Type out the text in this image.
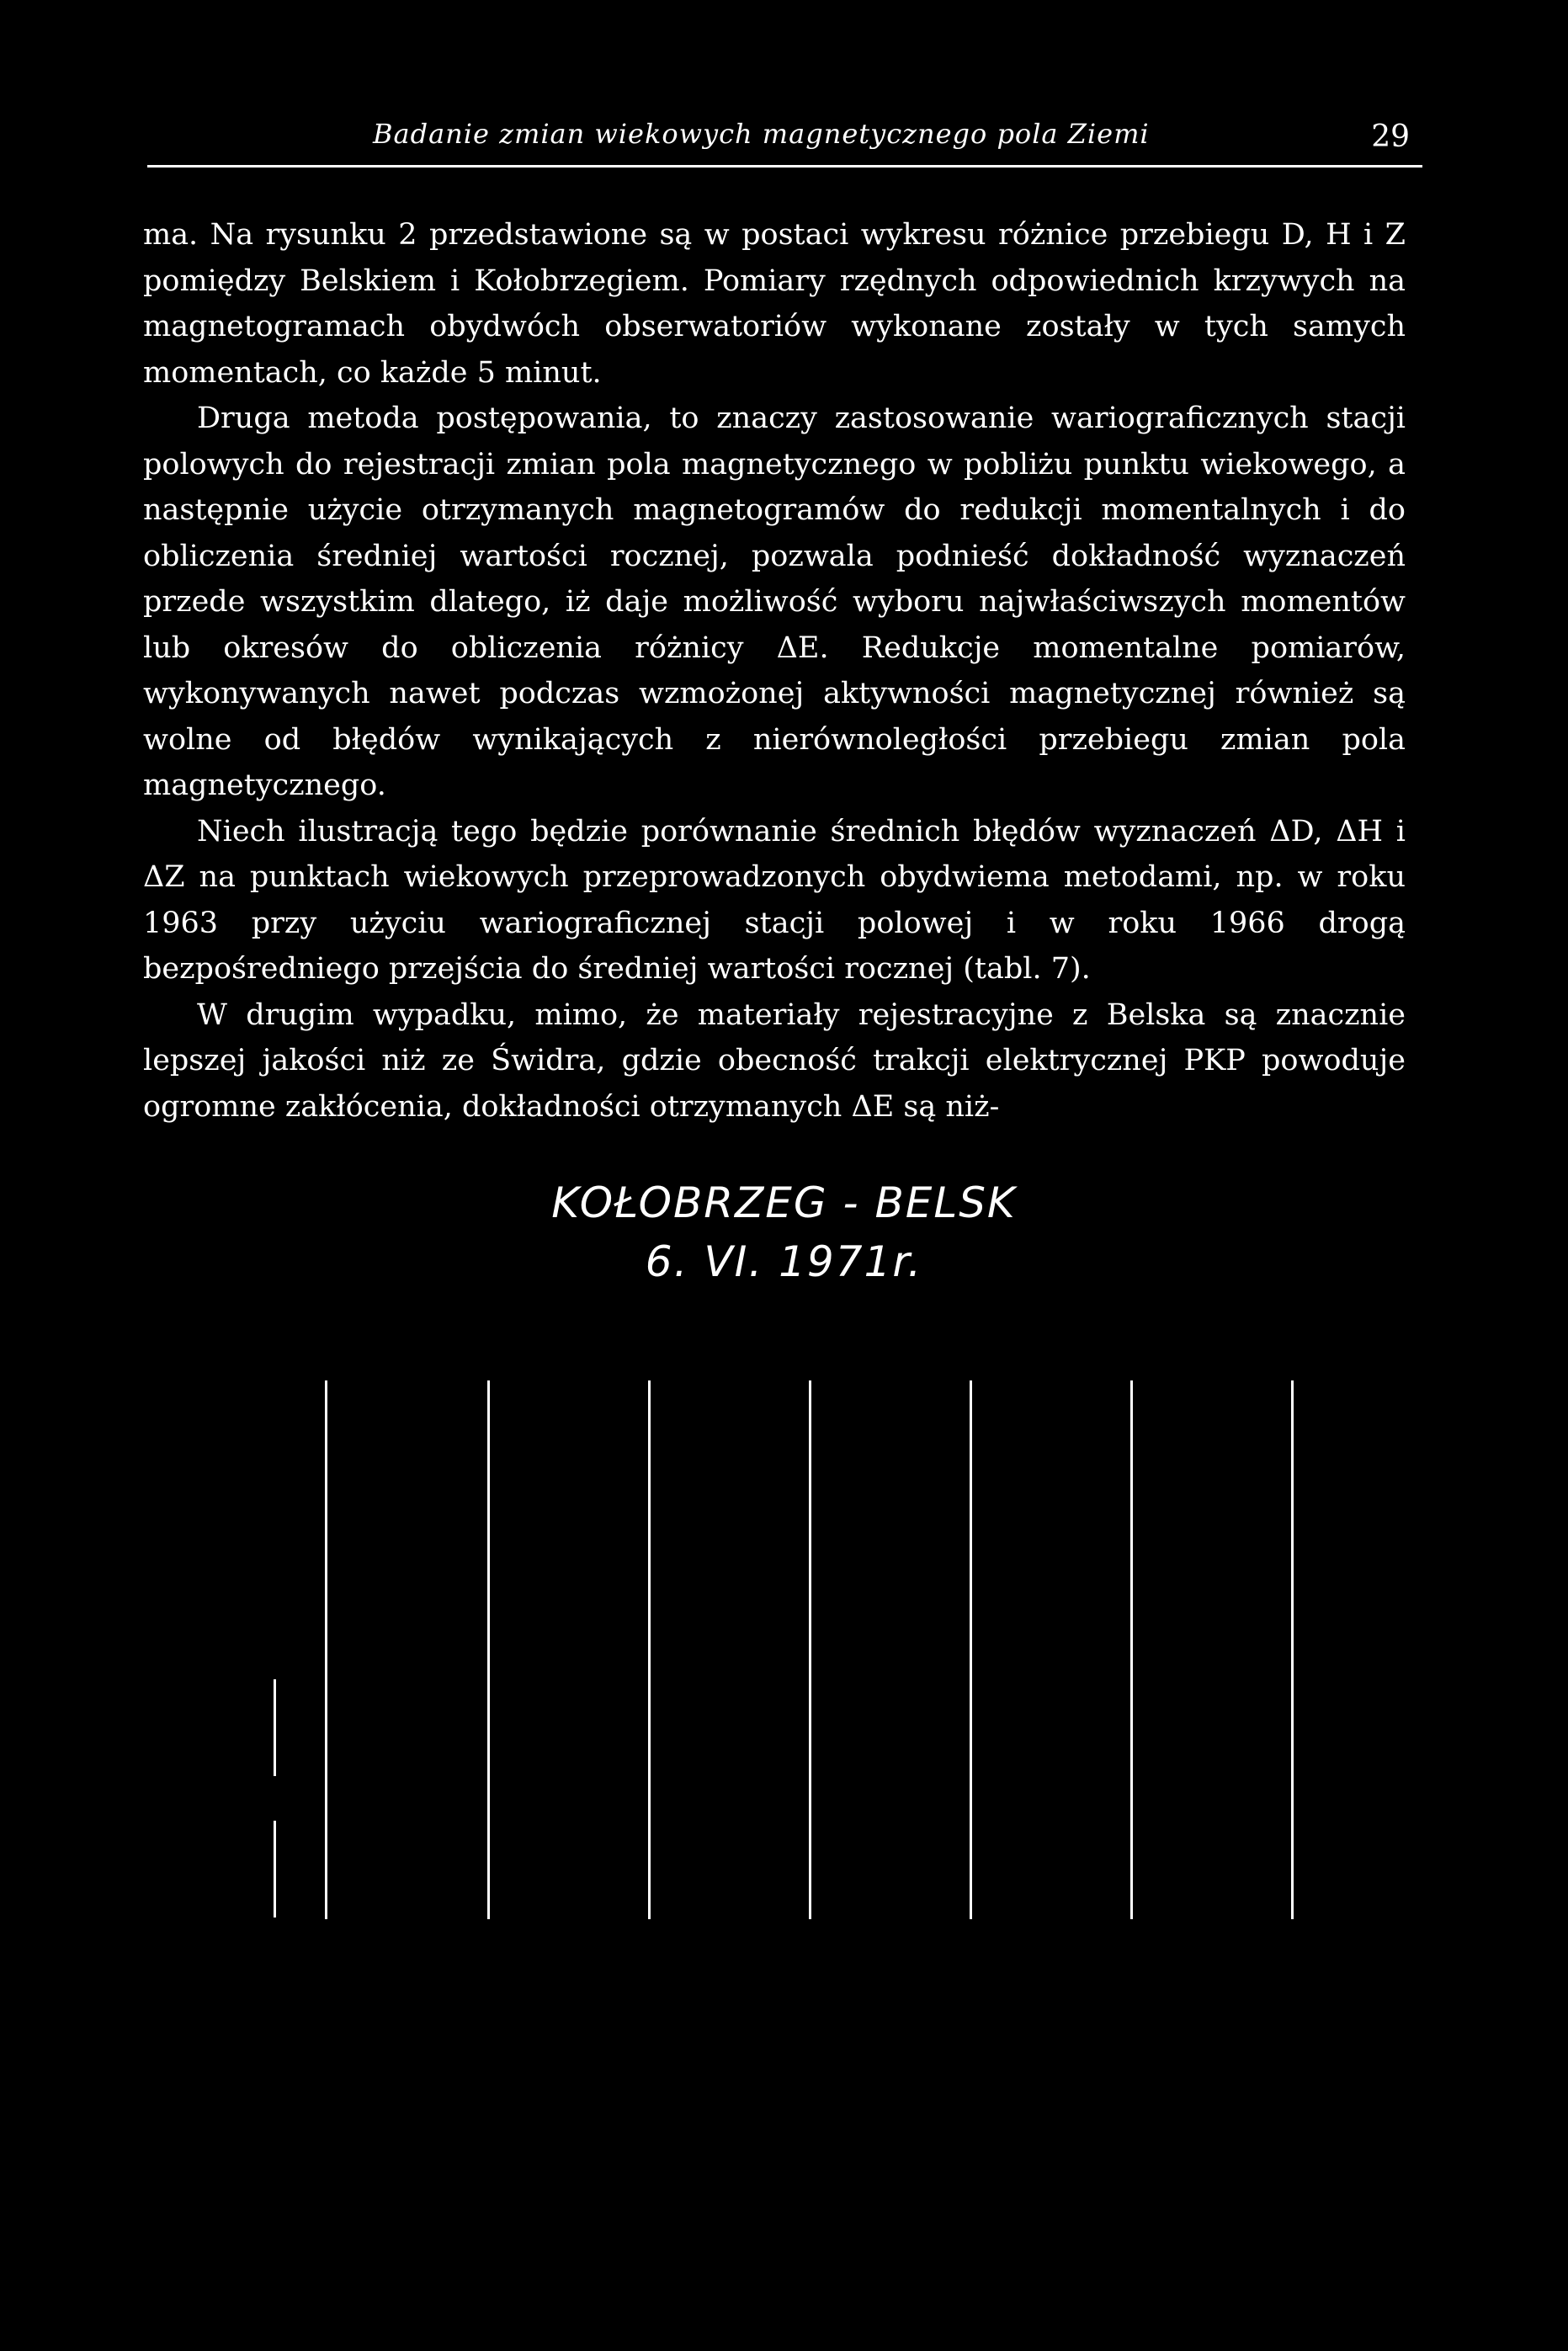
Badanie zmian wiekowych magnetycznego pola Ziemi	29

ma. Na rysunku 2 przedstawione są w postaci wykresu różnice przebiegu D, H i Z pomiędzy Belskiem i Kołobrzegiem. Pomiary rzędnych odpowiednich krzywych na magnetogramach obydwóch obserwatoriów wykonane zostały w tych samych momentach, co każde 5 minut.

Druga metoda postępowania, to znaczy zastosowanie wariograficznych stacji polowych do rejestracji zmian pola magnetycznego w pobliżu punktu wiekowego, a następnie użycie otrzymanych magnetogramów do redukcji momentalnych i do obliczenia średniej wartości rocznej, pozwala podnieść dokładność wyznaczeń przede wszystkim dlatego, iż daje możliwość wyboru najwłaściwszych momentów lub okresów do obliczenia różnicy ΔE. Redukcje momentalne pomiarów, wykonywanych nawet podczas wzmożonej aktywności magnetycznej również są wolne od błędów wynikających z nierównoległości przebiegu zmian pola magnetycznego.

Niech ilustracją tego będzie porównanie średnich błędów wyznaczeń ΔD, ΔH i ΔZ na punktach wiekowych przeprowadzonych obydwiema metodami, np. w roku 1963 przy użyciu wariograficznej stacji polowej i w roku 1966 drogą bezpośredniego przejścia do średniej wartości rocznej (tabl. 7).

W drugim wypadku, mimo, że materiały rejestracyjne z Belska są znacznie lepszej jakości niż ze Świdra, gdzie obecność trakcji elektrycznej PKP powoduje ogromne zakłócenia, dokładności otrzymanych ΔE są niż-

KOŁOBRZEG - BELSK
6. VI. 1971r.
